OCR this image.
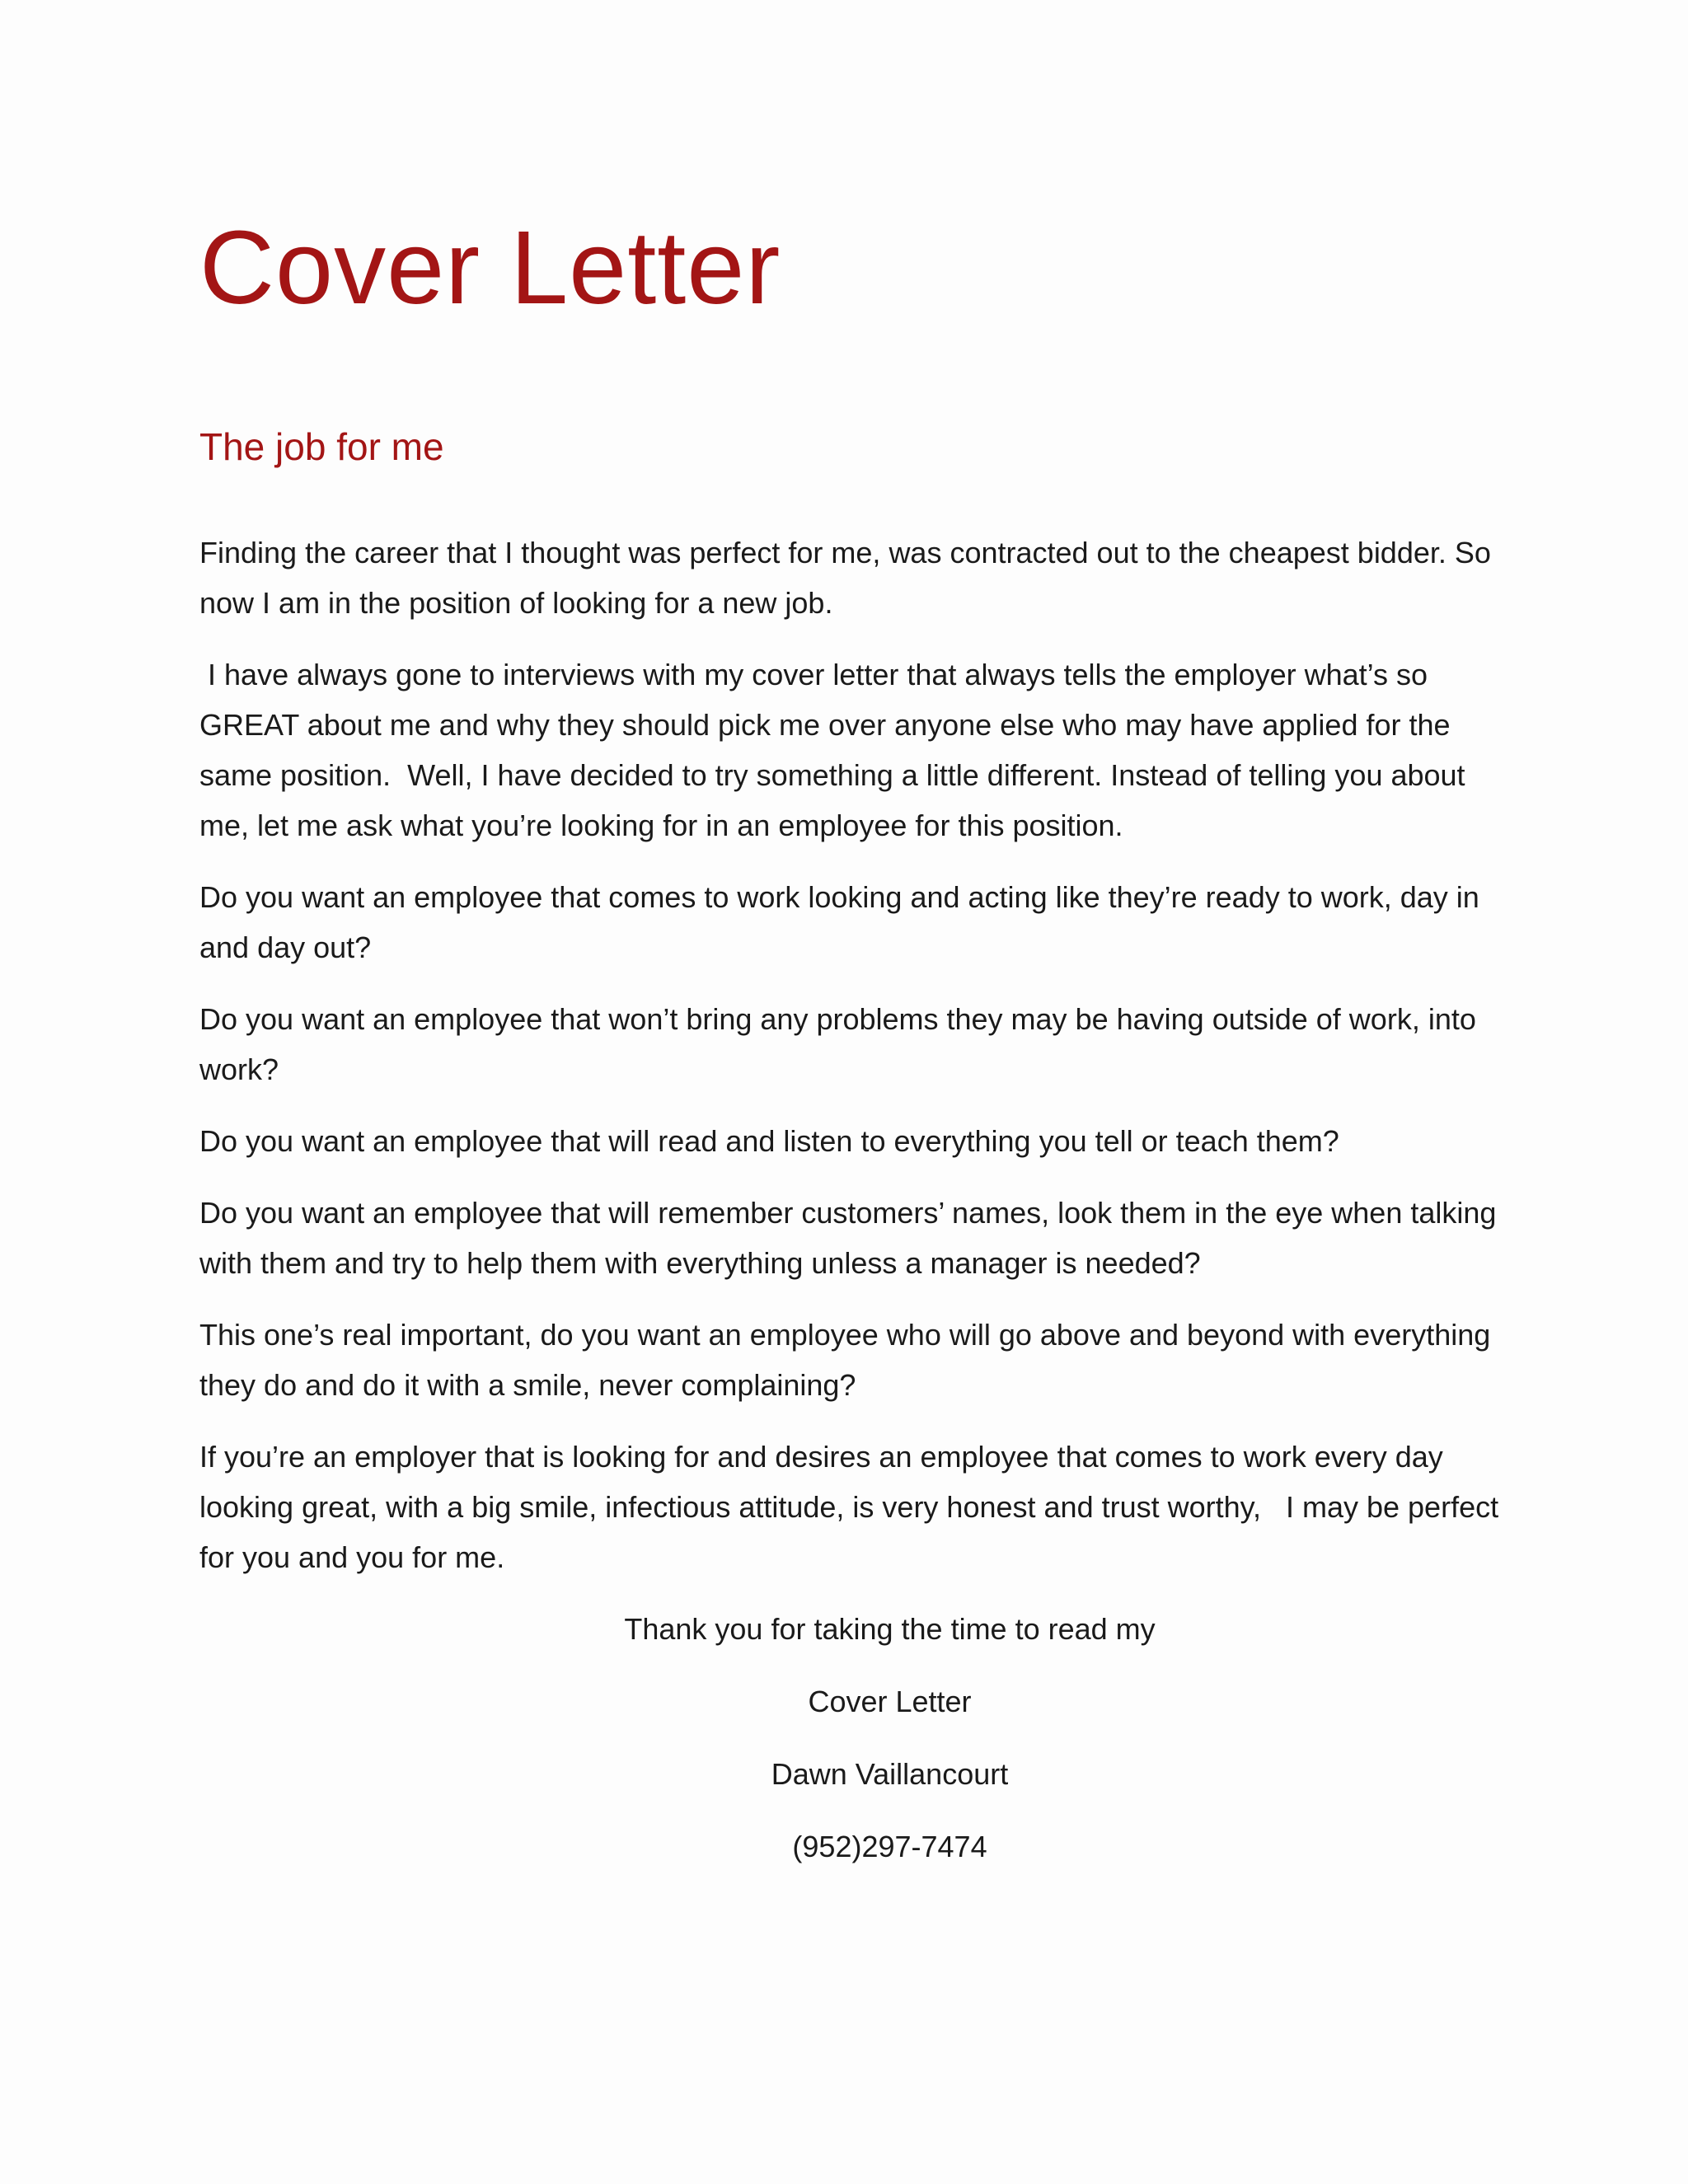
Cover Letter
The job for me

Finding the career that I thought was perfect for me, was contracted out to the cheapest bidder. So now I am in the position of looking for a new job.

I have always gone to interviews with my cover letter that always tells the employer what’s so GREAT about me and why they should pick me over anyone else who may have applied for the same position.  Well, I have decided to try something a little different. Instead of telling you about me, let me ask what you’re looking for in an employee for this position.

Do you want an employee that comes to work looking and acting like they’re ready to work, day in and day out?

Do you want an employee that won’t bring any problems they may be having outside of work, into work?

Do you want an employee that will read and listen to everything you tell or teach them?

Do you want an employee that will remember customers’ names, look them in the eye when talking with them and try to help them with everything unless a manager is needed?

This one’s real important, do you want an employee who will go above and beyond with everything they do and do it with a smile, never complaining?

If you’re an employer that is looking for and desires an employee that comes to work every day looking great, with a big smile, infectious attitude, is very honest and trust worthy,   I may be perfect for you and you for me.

Thank you for taking the time to read my

Cover Letter

Dawn Vaillancourt

(952)297-7474
